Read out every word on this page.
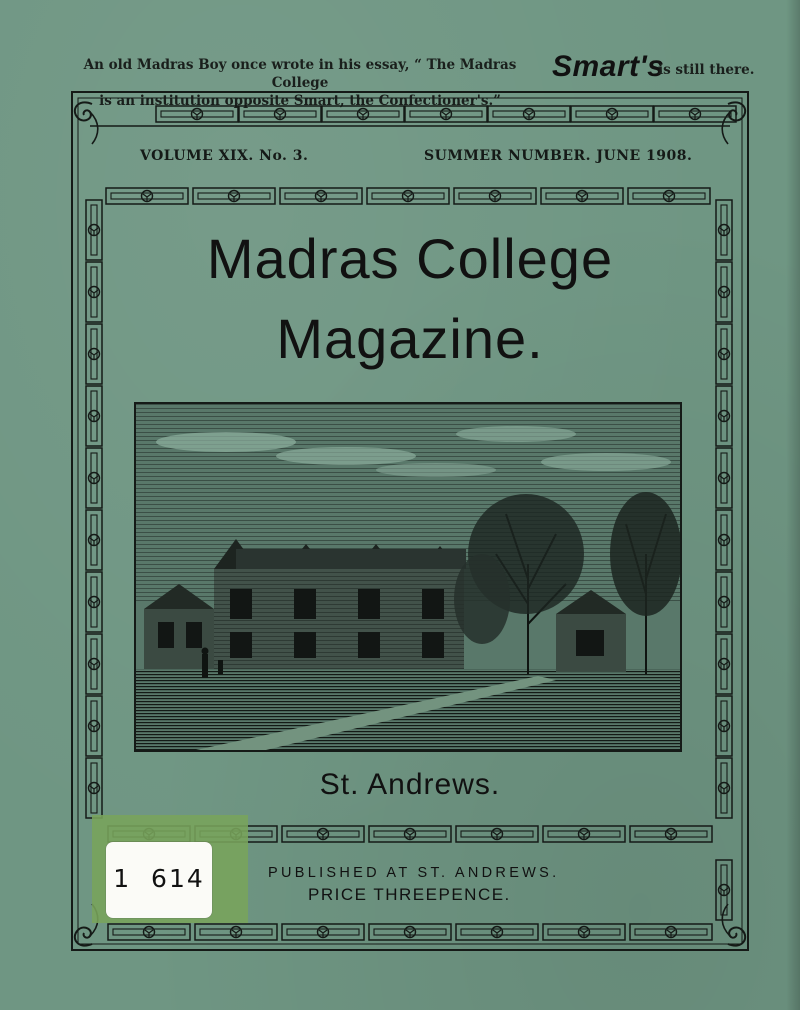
An old Madras Boy once wrote in his essay, “ The Madras College
is an institution opposite Smart, the Confectioner's.”
Smart's
is still there.
VOLUME XIX. No. 3.	SUMMER NUMBER. JUNE 1908.
Madras College
Magazine.
St. Andrews.
PUBLISHED AT ST. ANDREWS.
PRICE THREEPENCE.
1  614
